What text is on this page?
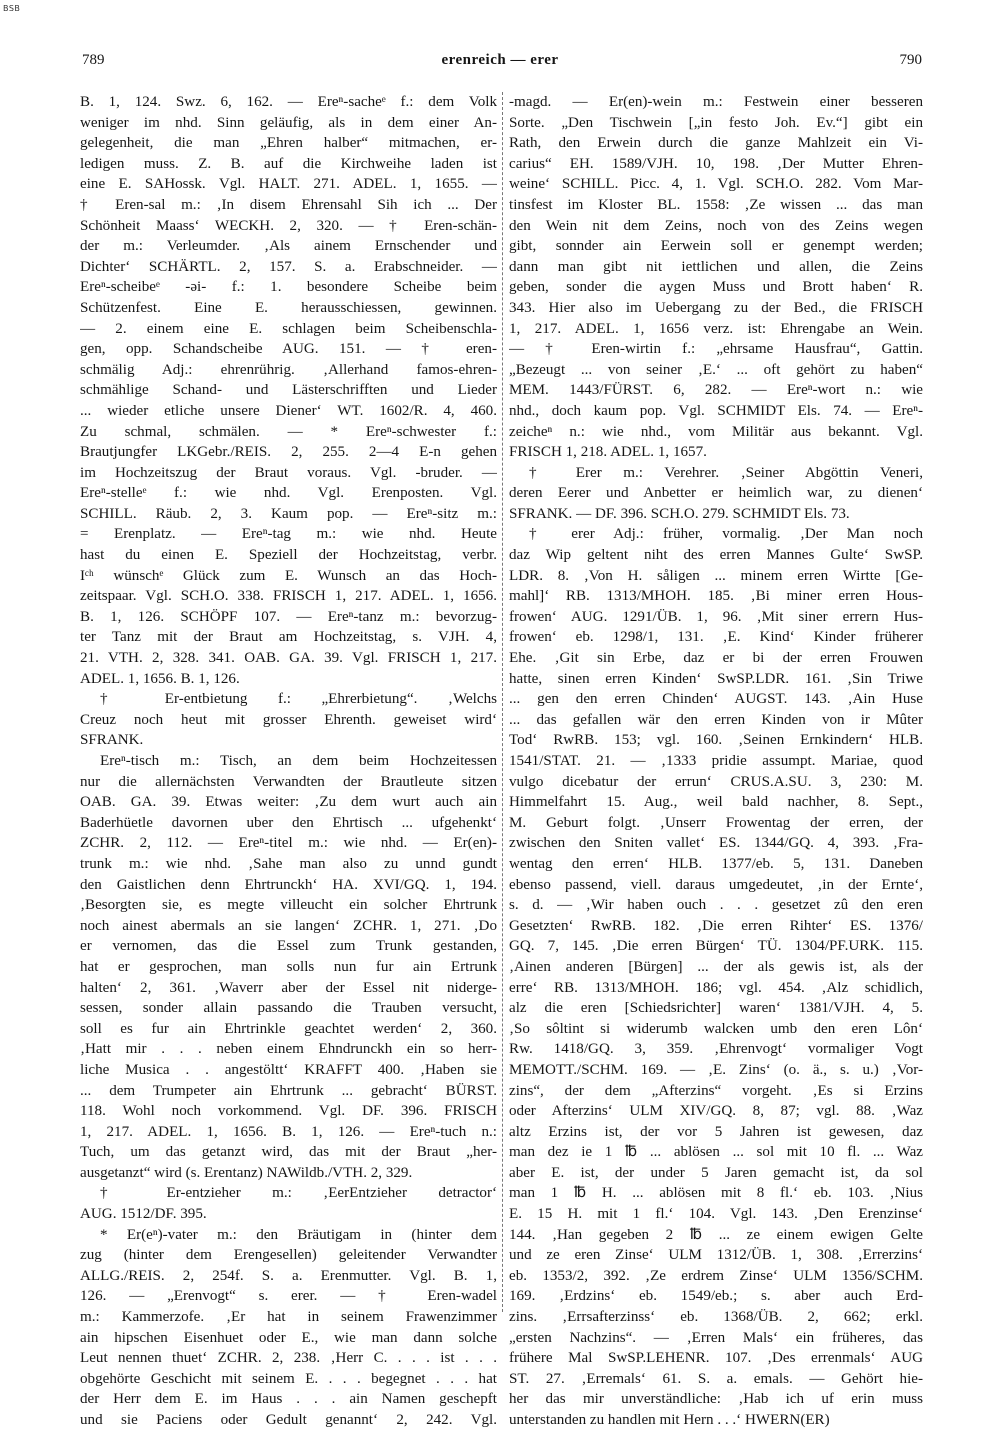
BSB
789	erenreich — erer	790
B. 1, 124. Swz. 6, 162. — Ereⁿ-sacheᵉ f.: dem Volk
weniger im nhd. Sinn geläufig, als in dem einer An-
gelegenheit, die man „Ehren halber“ mitmachen, er-
ledigen muss. Z. B. auf die Kirchweihe laden ist
eine E. SAHossk. Vgl. HALT. 271. ADEL. 1, 1655. —
† Eren-sal m.: ‚In disem Ehrensahl Sih ich ... Der
Schönheit Maass‘ WECKH. 2, 320. — † Eren-schän-
der m.: Verleumder. ‚Als ainem Ernschender und
Dichter‘ SCHÄRTL. 2, 157. S. a. Erabschneider. —
Ereⁿ-scheibeᵉ -əi- f.: 1. besondere Scheibe beim
Schützenfest. Eine E. herausschiessen, gewinnen.
— 2. einem eine E. schlagen beim Scheibenschla-
gen, opp. Schandscheibe AUG. 151. — † eren-
schmälig Adj.: ehrenrührig. ‚Allerhand famos-ehren-
schmählige Schand- und Lästerschrifften und Lieder
... wieder etliche unsere Diener‘ WT. 1602/R. 4, 460.
Zu schmal, schmälen. — * Ereⁿ-schwester f.:
Brautjungfer LKGebr./REIS. 2, 255. 2—4 E-n gehen
im Hochzeitszug der Braut voraus. Vgl. -bruder. —
Ereⁿ-stelleᵉ f.: wie nhd. Vgl. Erenposten. Vgl.
SCHILL. Räub. 2, 3. Kaum pop. — Ereⁿ-sitz m.:
= Erenplatz. — Ereⁿ-tag m.: wie nhd. Heute
hast du einen E. Speziell der Hochzeitstag, verbr.
Iᶜʰ wünschᵉ Glück zum E. Wunsch an das Hoch-
zeitspaar. Vgl. SCH.O. 338. FRISCH 1, 217. ADEL. 1, 1656.
B. 1, 126. SCHÖPF 107. — Ereⁿ-tanz m.: bevorzug-
ter Tanz mit der Braut am Hochzeitstag, s. VJH. 4,
21. VTH. 2, 328. 341. OAB. GA. 39. Vgl. FRISCH 1, 217.
ADEL. 1, 1656. B. 1, 126.
† Er-entbietung f.: „Ehrerbietung“. ‚Welchs
Creuz noch heut mit grosser Ehrenth. geweiset wird‘
SFRANK.
Ereⁿ-tisch m.: Tisch, an dem beim Hochzeitessen
nur die allernächsten Verwandten der Brautleute sitzen
OAB. GA. 39. Etwas weiter: ‚Zu dem wurt auch ain
Baderhüetle davornen uber den Ehrtisch ... ufgehenkt‘
ZCHR. 2, 112. — Ereⁿ-titel m.: wie nhd. — Er(en)-
trunk m.: wie nhd. ‚Sahe man also zu unnd gundt
den Gaistlichen denn Ehrtrunckh‘ HA. XVI/GQ. 1, 194.
‚Besorgten sie, es megte villeucht ein solcher Ehrtrunk
noch ainest abermals an sie langen‘ ZCHR. 1, 271. ‚Do
er vernomen, das die Essel zum Trunk gestanden,
hat er gesprochen, man solls nun fur ain Ertrunk
halten‘ 2, 361. ‚Waverr aber der Essel nit niderge-
sessen, sonder allain passando die Trauben versucht,
soll es fur ain Ehrtrinkle geachtet werden‘ 2, 360.
‚Hatt mir . . . neben einem Ehndrunckh ein so herr-
liche Musica . . angestöltt‘ KRAFFT 400. ‚Haben sie
... dem Trumpeter ain Ehrtrunk ... gebracht‘ BÜRST.
118. Wohl noch vorkommend. Vgl. DF. 396. FRISCH
1, 217. ADEL. 1, 1656. B. 1, 126. — Ereⁿ-tuch n.:
Tuch, um das getanzt wird, das mit der Braut „her-
ausgetanzt“ wird (s. Erentanz) NAWildb./VTH. 2, 329.
† Er-entzieher m.: ‚EerEntzieher detractor‘
AUG. 1512/DF. 395.
* Er(eⁿ)-vater m.: den Bräutigam in (hinter dem
zug (hinter dem Erengesellen) geleitender Verwandter
ALLG./REIS. 2, 254f. S. a. Erenmutter. Vgl. B. 1,
126. — „Erenvogt“ s. erer. — † Eren-wadel
m.: Kammerzofe. ‚Er hat in seinem Frawenzimmer
ain hipschen Eisenhuet oder E., wie man dann solche
Leut nennen thuet‘ ZCHR. 2, 238. ‚Herr C. . . . ist . . .
obgehörte Geschicht mit seinem E. . . . begegnet . . . hat
der Herr dem E. im Haus . . . ain Namen geschepft
und sie Paciens oder Gedult genannt‘ 2, 242. Vgl.
-magd. — Er(en)-wein m.: Festwein einer besseren
Sorte. „Den Tischwein [„in festo Joh. Ev.“] gibt ein
Rath, den Erwein durch die ganze Mahlzeit ein Vi-
carius“ EH. 1589/VJH. 10, 198. ‚Der Mutter Ehren-
weine‘ SCHILL. Picc. 4, 1. Vgl. SCH.O. 282. Vom Mar-
tinsfest im Kloster BL. 1558: ‚Ze wissen ... das man
den Wein nit dem Zeins, noch von des Zeins wegen
gibt, sonnder ain Eerwein soll er genempt werden;
dann man gibt nit iettlichen und allen, die Zeins
geben, sonder die aygen Muss und Brott haben‘ R.
343. Hier also im Uebergang zu der Bed., die FRISCH
1, 217. ADEL. 1, 1656 verz. ist: Ehrengabe an Wein.
— † Eren-wirtin f.: „ehrsame Hausfrau“, Gattin.
„Bezeugt ... von seiner ‚E.‘ ... oft gehört zu haben“
MEM. 1443/FÜRST. 6, 282. — Ereⁿ-wort n.: wie
nhd., doch kaum pop. Vgl. SCHMIDT Els. 74. — Ereⁿ-
zeicheⁿ n.: wie nhd., vom Militär aus bekannt. Vgl.
FRISCH 1, 218. ADEL. 1, 1657.
† Erer m.: Verehrer. ‚Seiner Abgöttin Veneri,
deren Eerer und Anbetter er heimlich war, zu dienen‘
SFRANK. — DF. 396. SCH.O. 279. SCHMIDT Els. 73.
† erer Adj.: früher, vormalig. ‚Der Man noch
daz Wip geltent niht des erren Mannes Gulte‘ SwSP.
LDR. 8. ‚Von H. såligen ... minem erren Wirtte [Ge-
mahl]‘ RB. 1313/MHOH. 185. ‚Bi miner erren Hous-
frowen‘ AUG. 1291/ÜB. 1, 96. ‚Mit siner errern Hus-
frowen‘ eb. 1298/1, 131. ‚E. Kind‘ Kinder früherer
Ehe. ‚Git sin Erbe, daz er bi der erren Frouwen
hatte, sinen erren Kinden‘ SwSP.LDR. 161. ‚Sin Triwe
... gen den erren Chinden‘ AUGST. 143. ‚Ain Huse
... das gefallen wär den erren Kinden von ir Mûter
Tod‘ RwRB. 153; vgl. 160. ‚Seinen Ernkindern‘ HLB.
1541/STAT. 21. — ‚1333 pridie assumpt. Mariae, quod
vulgo dicebatur der errun‘ CRUS.A.SU. 3, 230: M.
Himmelfahrt 15. Aug., weil bald nachher, 8. Sept.,
M. Geburt folgt. ‚Unserr Frowentag der erren, der
zwischen den Sniten vallet‘ ES. 1344/GQ. 4, 393. ‚Fra-
wentag den erren‘ HLB. 1377/eb. 5, 131. Daneben
ebenso passend, viell. daraus umgedeutet, ‚in der Ernte‘,
s. d. — ‚Wir haben ouch . . . gesetzet zû den eren
Gesetzten‘ RwRB. 182. ‚Die erren Rihter‘ ES. 1376/
GQ. 7, 145. ‚Die erren Bürgen‘ TÜ. 1304/PF.URK. 115.
‚Ainen anderen [Bürgen] ... der als gewis ist, als der
erre‘ RB. 1313/MHOH. 186; vgl. 454. ‚Alz schidlich,
alz die eren [Schiedsrichter] waren‘ 1381/VJH. 4, 5.
‚So sôltint si widerumb walcken umb den eren Lôn‘
Rw. 1418/GQ. 3, 359. ‚Ehrenvogt‘ vormaliger Vogt
MEMOTT./SCHM. 169. — ‚E. Zins‘ (o. ä., s. u.) ‚Vor-
zins“, der dem „Afterzins“ vorgeht. ‚Es si Erzins
oder Afterzins‘ ULM XIV/GQ. 8, 87; vgl. 88. ‚Waz
altz Erzins ist, der vor 5 Jahren ist gewesen, daz
man dez ie 1 ℔ ... ablösen ... sol mit 10 fl. ... Waz
aber E. ist, der under 5 Jaren gemacht ist, da sol
man 1 ℔ H. ... ablösen mit 8 fl.‘ eb. 103. ‚Nius
E. 15 H. mit 1 fl.‘ 104. Vgl. 143. ‚Den Erenzinse‘
144. ‚Han gegeben 2 ℔ ... ze einem ewigen Gelte
und ze eren Zinse‘ ULM 1312/ÜB. 1, 308. ‚Errerzins‘
eb. 1353/2, 392. ‚Ze erdrem Zinse‘ ULM 1356/SCHM.
169. ‚Erdzins‘ eb. 1549/eb.; s. aber auch Erd-
zins. ‚Errsafterzinss‘ eb. 1368/ÜB. 2, 662; erkl.
„ersten Nachzins“. — ‚Erren Mals‘ ein früheres, das
frühere Mal SwSP.LEHENR. 107. ‚Des errenmals‘ AUG
ST. 27. ‚Erremals‘ 61. S. a. emals. — Gehört hie-
her das mir unverständliche: ‚Hab ich uf erin muss
unterstanden zu handlen mit Hern . . .‘ HWERN(ER)
